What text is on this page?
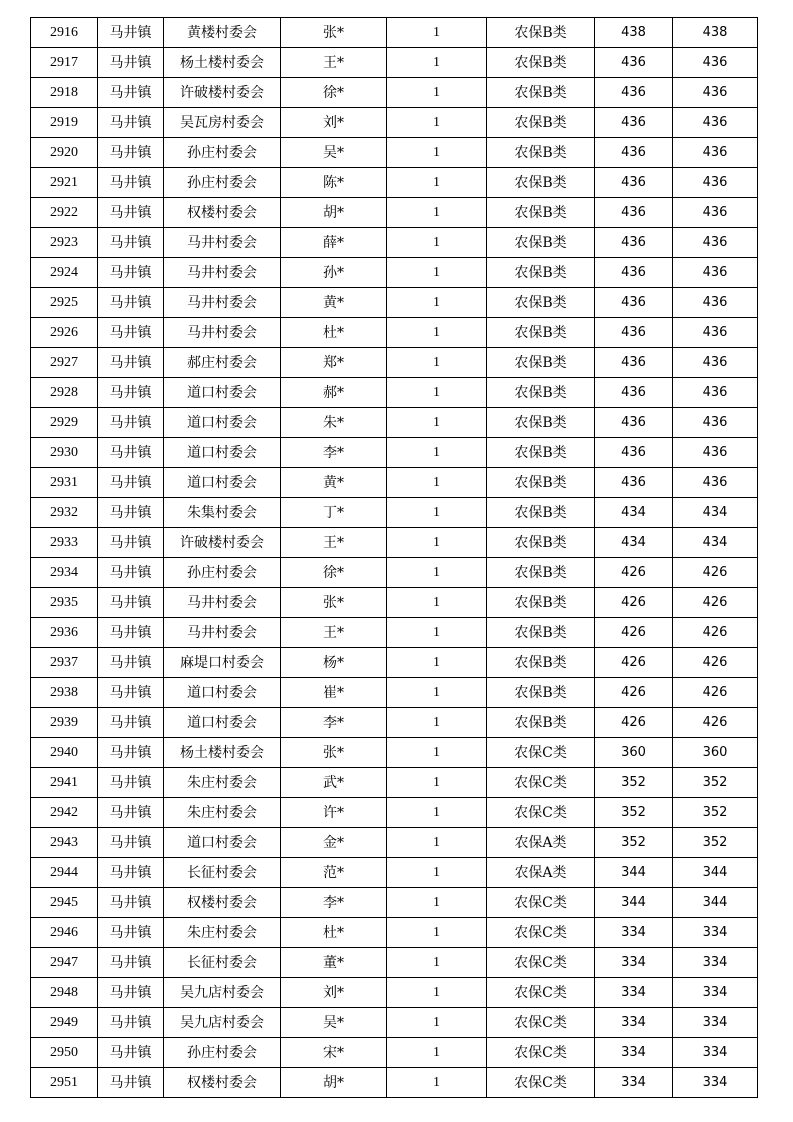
2916	马井镇	黄楼村委会	张*	1	农保B类	438	438
2917	马井镇	杨土楼村委会	王*	1	农保B类	436	436
2918	马井镇	许破楼村委会	徐*	1	农保B类	436	436
2919	马井镇	吴瓦房村委会	刘*	1	农保B类	436	436
2920	马井镇	孙庄村委会	吴*	1	农保B类	436	436
2921	马井镇	孙庄村委会	陈*	1	农保B类	436	436
2922	马井镇	权楼村委会	胡*	1	农保B类	436	436
2923	马井镇	马井村委会	薛*	1	农保B类	436	436
2924	马井镇	马井村委会	孙*	1	农保B类	436	436
2925	马井镇	马井村委会	黄*	1	农保B类	436	436
2926	马井镇	马井村委会	杜*	1	农保B类	436	436
2927	马井镇	郝庄村委会	郑*	1	农保B类	436	436
2928	马井镇	道口村委会	郝*	1	农保B类	436	436
2929	马井镇	道口村委会	朱*	1	农保B类	436	436
2930	马井镇	道口村委会	李*	1	农保B类	436	436
2931	马井镇	道口村委会	黄*	1	农保B类	436	436
2932	马井镇	朱集村委会	丁*	1	农保B类	434	434
2933	马井镇	许破楼村委会	王*	1	农保B类	434	434
2934	马井镇	孙庄村委会	徐*	1	农保B类	426	426
2935	马井镇	马井村委会	张*	1	农保B类	426	426
2936	马井镇	马井村委会	王*	1	农保B类	426	426
2937	马井镇	麻堤口村委会	杨*	1	农保B类	426	426
2938	马井镇	道口村委会	崔*	1	农保B类	426	426
2939	马井镇	道口村委会	李*	1	农保B类	426	426
2940	马井镇	杨土楼村委会	张*	1	农保C类	360	360
2941	马井镇	朱庄村委会	武*	1	农保C类	352	352
2942	马井镇	朱庄村委会	许*	1	农保C类	352	352
2943	马井镇	道口村委会	金*	1	农保A类	352	352
2944	马井镇	长征村委会	范*	1	农保A类	344	344
2945	马井镇	权楼村委会	李*	1	农保C类	344	344
2946	马井镇	朱庄村委会	杜*	1	农保C类	334	334
2947	马井镇	长征村委会	董*	1	农保C类	334	334
2948	马井镇	吴九店村委会	刘*	1	农保C类	334	334
2949	马井镇	吴九店村委会	吴*	1	农保C类	334	334
2950	马井镇	孙庄村委会	宋*	1	农保C类	334	334
2951	马井镇	权楼村委会	胡*	1	农保C类	334	334
